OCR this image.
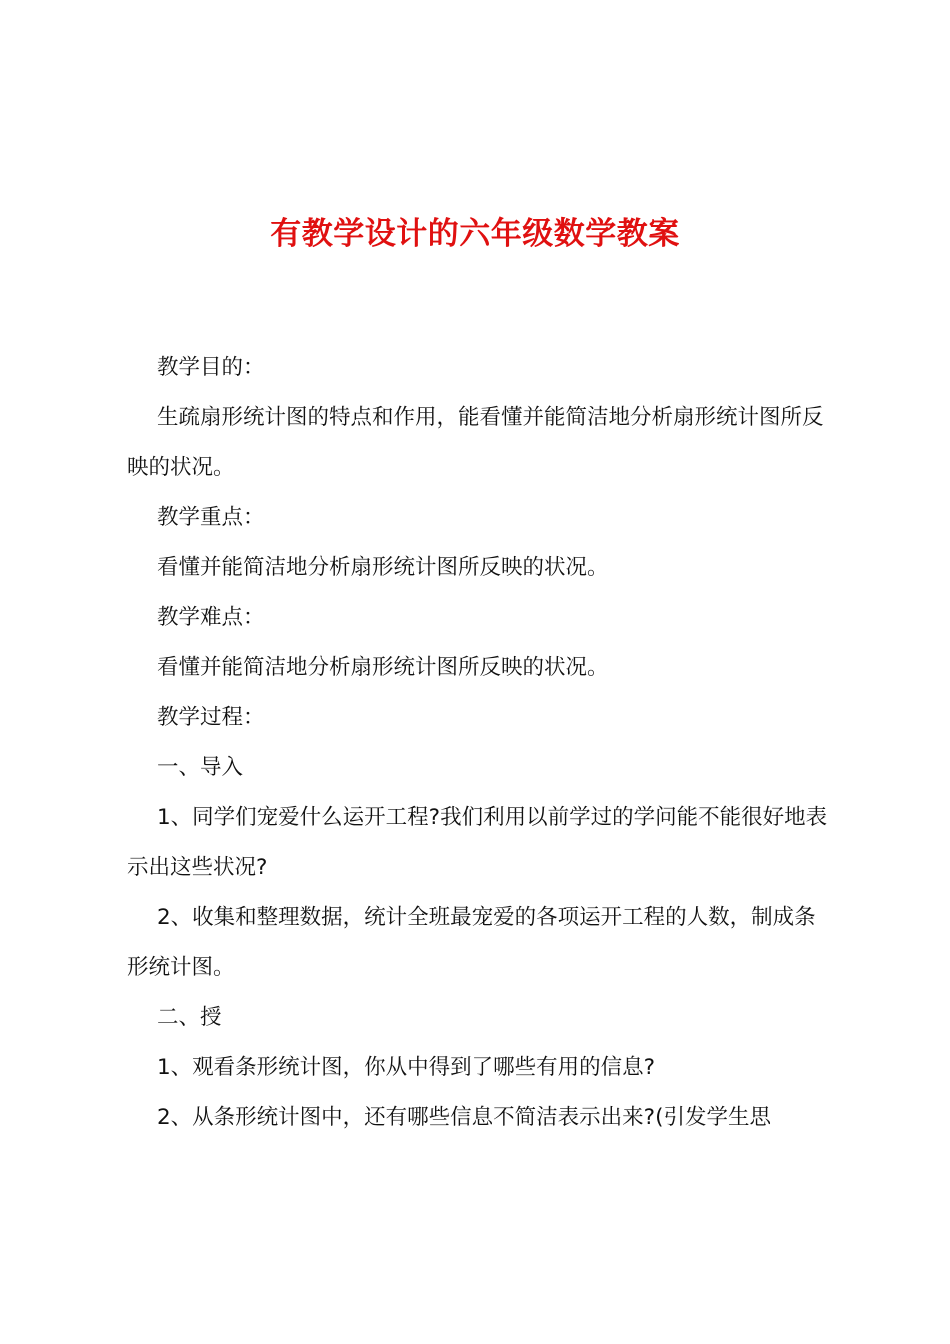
有教学设计的六年级数学教案

教学目的：

生疏扇形统计图的特点和作用，能看懂并能简洁地分析扇形统计图所反映的状况。

教学重点：

看懂并能简洁地分析扇形统计图所反映的状况。

教学难点：

看懂并能简洁地分析扇形统计图所反映的状况。

教学过程：

一、导入

1、同学们宠爱什么运开工程?我们利用以前学过的学问能不能很好地表示出这些状况?

2、收集和整理数据，统计全班最宠爱的各项运开工程的人数，制成条形统计图。

二、授

1、观看条形统计图，你从中得到了哪些有用的信息?

2、从条形统计图中，还有哪些信息不简洁表示出来?(引发学生思
